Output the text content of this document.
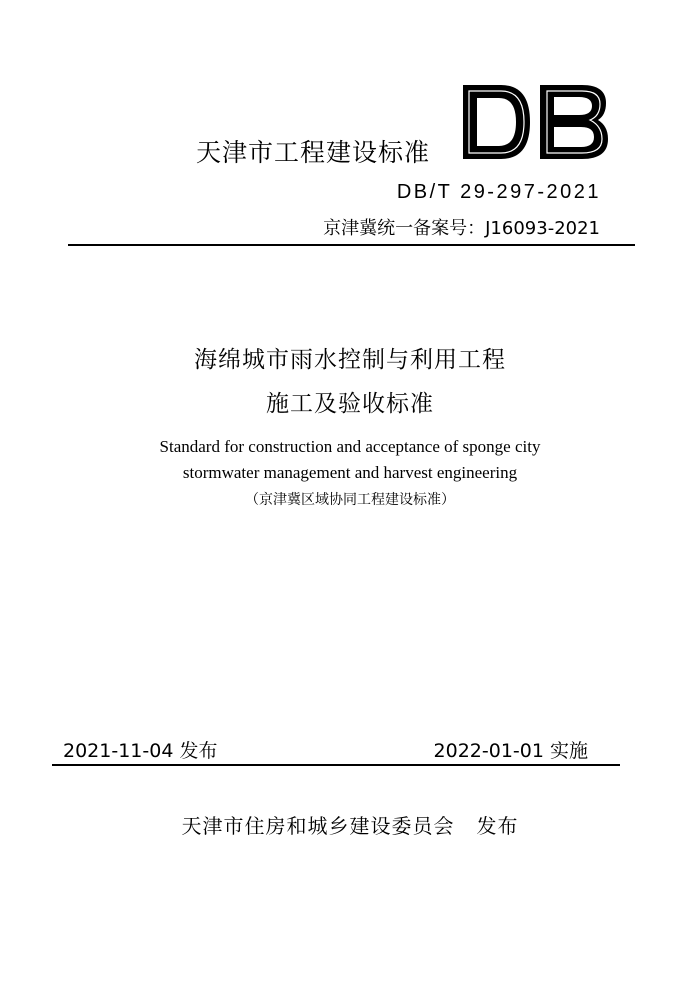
天津市工程建设标准
DB/T 29-297-2021
京津冀统一备案号：J16093-2021
海绵城市雨水控制与利用工程
施工及验收标准
Standard for construction and acceptance of sponge city
stormwater management and harvest engineering
（京津冀区域协同工程建设标准）
2021-11-04 发布	2022-01-01 实施
天津市住房和城乡建设委员会 发布
